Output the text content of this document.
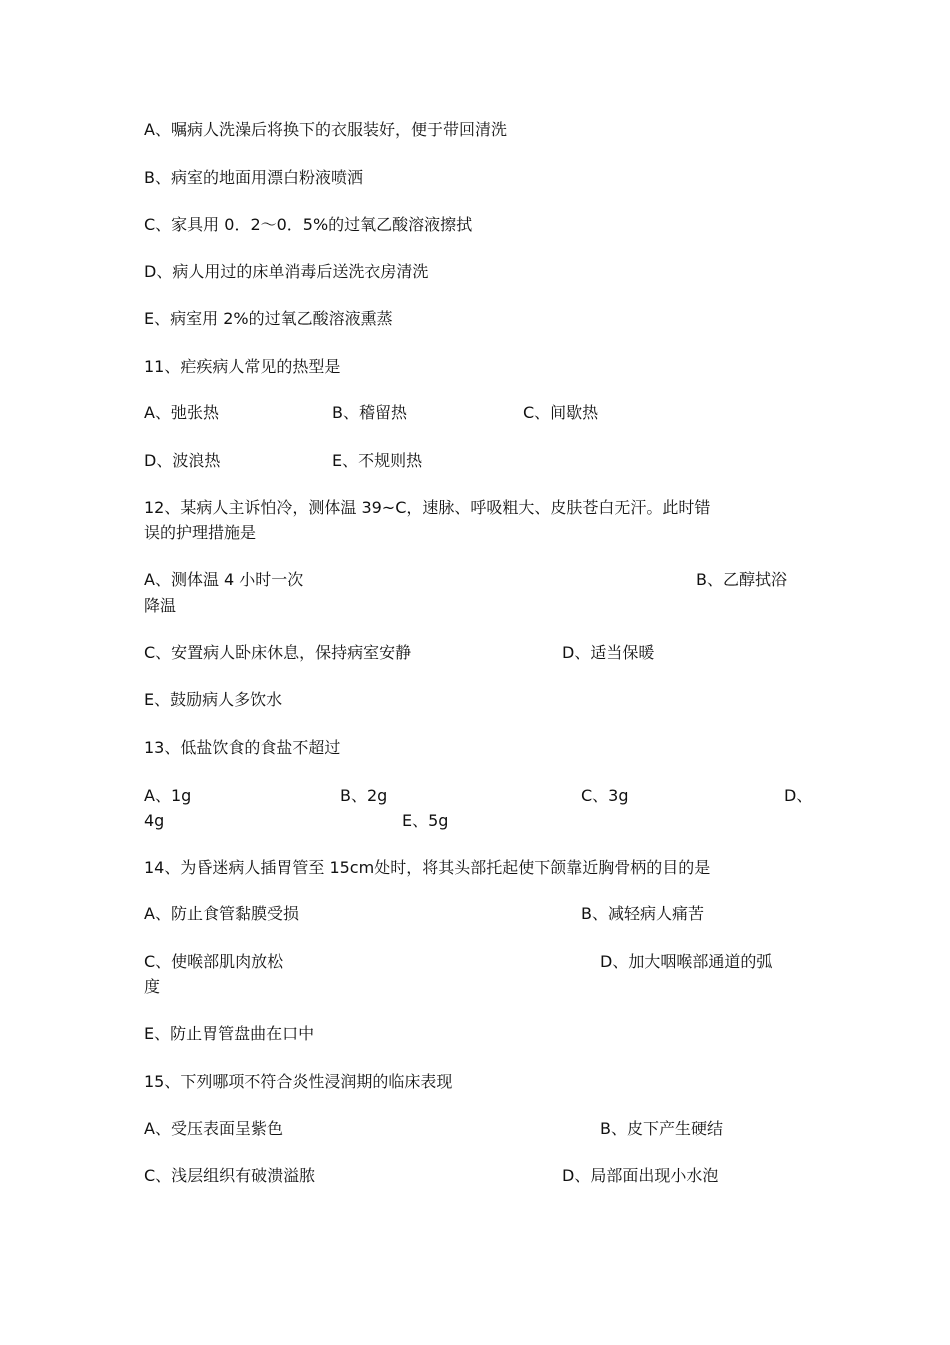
A、嘱病人洗澡后将换下的衣服装好，便于带回清洗
B、病室的地面用漂白粉液喷洒
C、家具用 0．2～0．5%的过氧乙酸溶液擦拭
D、病人用过的床单消毒后送洗衣房清洗
E、病室用 2%的过氧乙酸溶液熏蒸
11、疟疾病人常见的热型是
A、弛张热	B、稽留热	C、间歇热
D、波浪热	E、不规则热
12、某病人主诉怕冷，测体温 39~C，速脉、呼吸粗大、皮肤苍白无汗。此时错
误的护理措施是
A、测体温 4 小时一次	B、乙醇拭浴
降温
C、安置病人卧床休息，保持病室安静	D、适当保暖
E、鼓励病人多饮水
13、低盐饮食的食盐不超过
A、1g	B、2g	C、3g	D、
4g	E、5g
14、为昏迷病人插胃管至 15cm处时，将其头部托起使下颌靠近胸骨柄的目的是
A、防止食管黏膜受损	B、减轻病人痛苦
C、使喉部肌肉放松	D、加大咽喉部通道的弧
度
E、防止胃管盘曲在口中
15、下列哪项不符合炎性浸润期的临床表现
A、受压表面呈紫色	B、皮下产生硬结
C、浅层组织有破溃溢脓	D、局部面出现小水泡
